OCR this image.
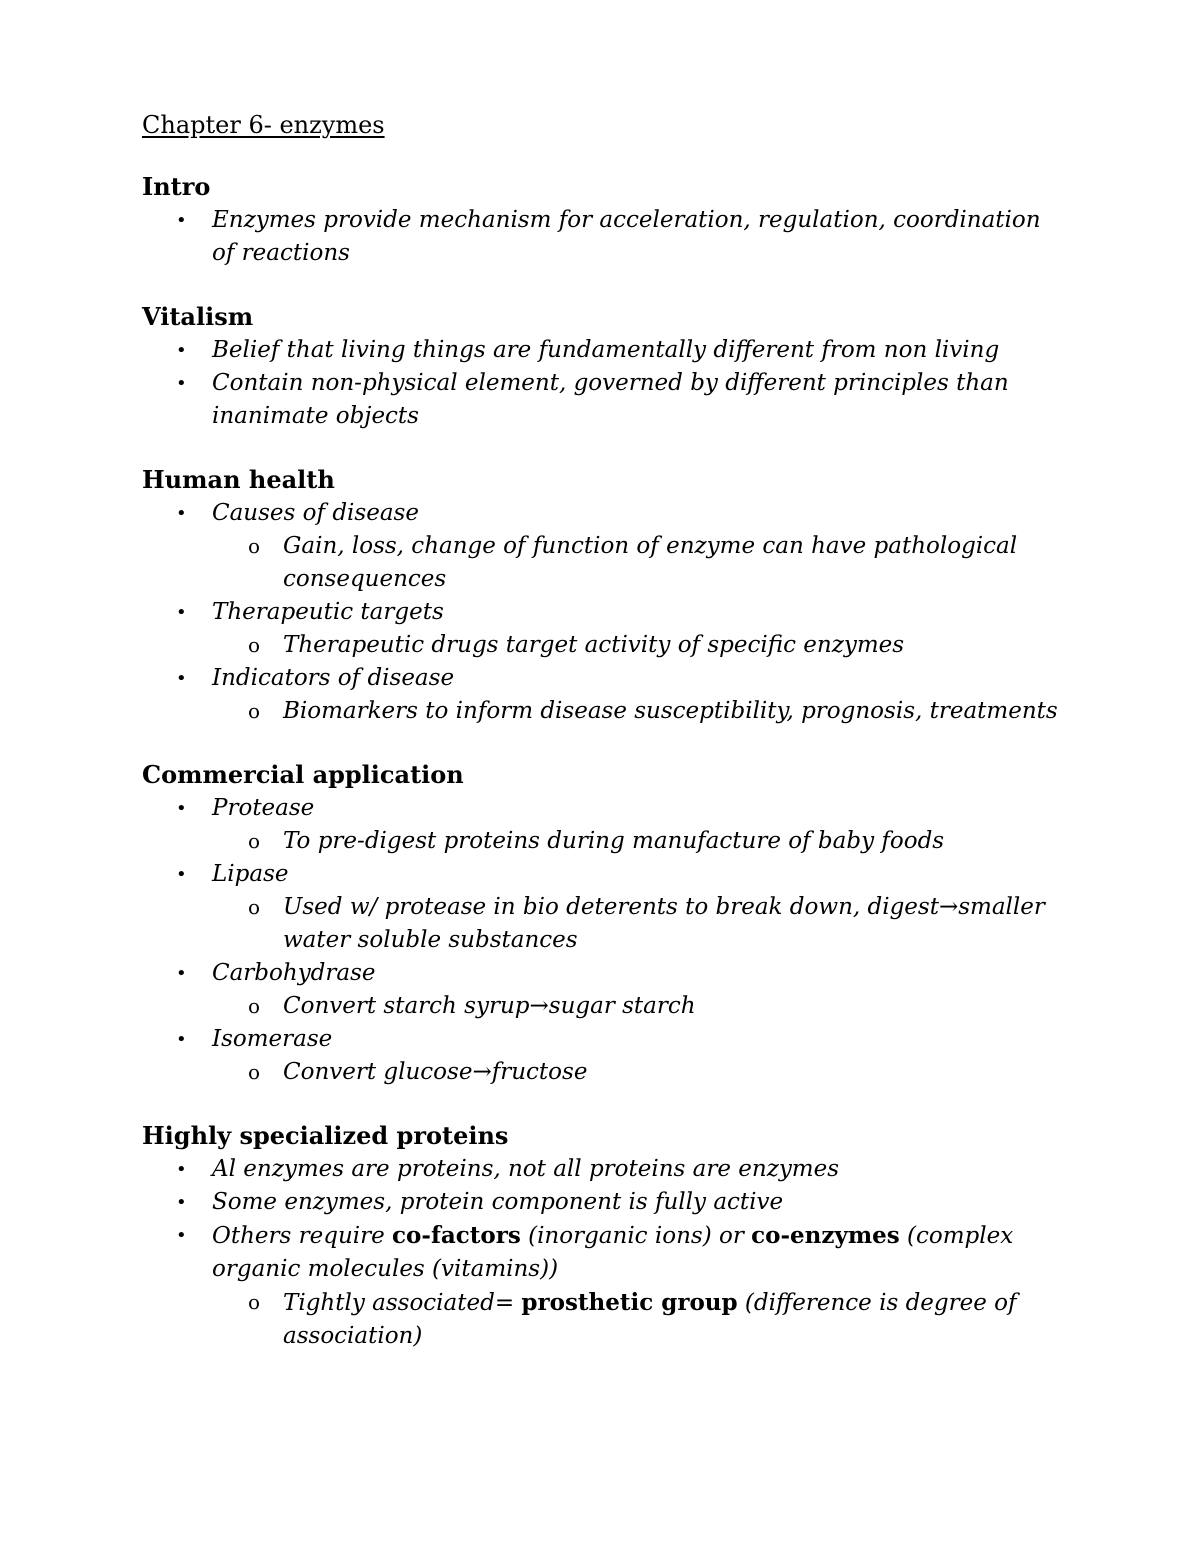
Chapter 6- enzymes
Intro
• Enzymes provide mechanism for acceleration, regulation, coordination of reactions
Vitalism
• Belief that living things are fundamentally different from non living
• Contain non-physical element, governed by different principles than inanimate objects
Human health
• Causes of disease
o Gain, loss, change of function of enzyme can have pathological consequences
• Therapeutic targets
o Therapeutic drugs target activity of specific enzymes
• Indicators of disease
o Biomarkers to inform disease susceptibility, prognosis, treatments
Commercial application
• Protease
o To pre-digest proteins during manufacture of baby foods
• Lipase
o Used w/ protease in bio deterents to break down, digest→smaller water soluble substances
• Carbohydrase
o Convert starch syrup→sugar starch
• Isomerase
o Convert glucose→fructose
Highly specialized proteins
• Al enzymes are proteins, not all proteins are enzymes
• Some enzymes, protein component is fully active
• Others require co-factors (inorganic ions) or co-enzymes (complex organic molecules (vitamins))
o Tightly associated= prosthetic group (difference is degree of association)
